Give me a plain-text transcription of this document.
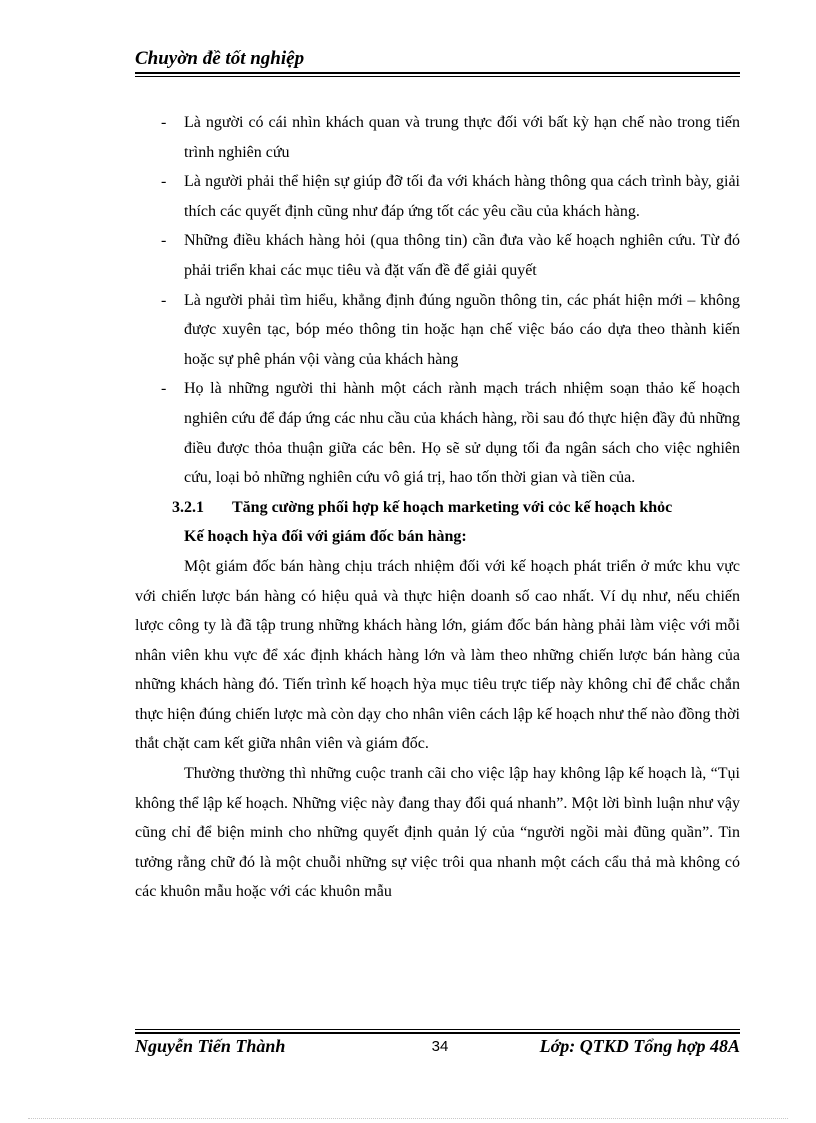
Chuyờn đề tốt nghiệp
- Là người có cái nhìn khách quan và trung thực đối với bất kỳ hạn chế nào trong tiến trình nghiên cứu
- Là người phải thể hiện sự giúp đỡ tối đa với khách hàng thông qua cách trình bày, giải thích các quyết định cũng như đáp ứng tốt các yêu cầu của khách hàng.
- Những điều khách hàng hỏi (qua thông tin) cần đưa vào kế hoạch nghiên cứu. Từ đó phải triển khai các mục tiêu và đặt vấn đề để giải quyết
- Là người phải tìm hiểu, khẳng định đúng nguồn thông tin, các phát hiện mới – không được xuyên tạc, bóp méo thông tin hoặc hạn chế việc báo cáo dựa theo thành kiến hoặc sự phê phán vội vàng của khách hàng
- Họ là những người thi hành một cách rành mạch trách nhiệm soạn thảo kế hoạch nghiên cứu để đáp ứng các nhu cầu của khách hàng, rồi sau đó thực hiện đầy đủ những điều được thỏa thuận giữa các bên. Họ sẽ sử dụng tối đa ngân sách cho việc nghiên cứu, loại bỏ những nghiên cứu vô giá trị, hao tốn thời gian và tiền của.
3.2.1 Tăng cường phối hợp kế hoạch marketing với cỏc kế hoạch khỏc
Kế hoạch hỳa đối với giám đốc bán hàng:
Một giám đốc bán hàng chịu trách nhiệm đối với kế hoạch phát triển ở mức khu vực với chiến lược bán hàng có hiệu quả và thực hiện doanh số cao nhất. Ví dụ như, nếu chiến lược công ty là đã tập trung những khách hàng lớn, giám đốc bán hàng phải làm việc với mỗi nhân viên khu vực để xác định khách hàng lớn và làm theo những chiến lược bán hàng của những khách hàng đó. Tiến trình kế hoạch hỳa mục tiêu trực tiếp này không chỉ để chắc chắn thực hiện đúng chiến lược mà còn dạy cho nhân viên cách lập kế hoạch như thế nào đồng thời thắt chặt cam kết giữa nhân viên và giám đốc.
Thường thường thì những cuộc tranh cãi cho việc lập hay không lập kế hoạch là, “Tụi không thể lập kế hoạch. Những việc này đang thay đổi quá nhanh”. Một lời bình luận như vậy cũng chỉ để biện minh cho những quyết định quản lý của “người ngồi mài đũng quần”. Tin tưởng rằng chữ đó là một chuỗi những sự việc trôi qua nhanh một cách cẩu thả mà không có các khuôn mẫu hoặc với các khuôn mẫu
Nguyễn Tiến Thành	34	Lớp: QTKD Tổng hợp 48A
